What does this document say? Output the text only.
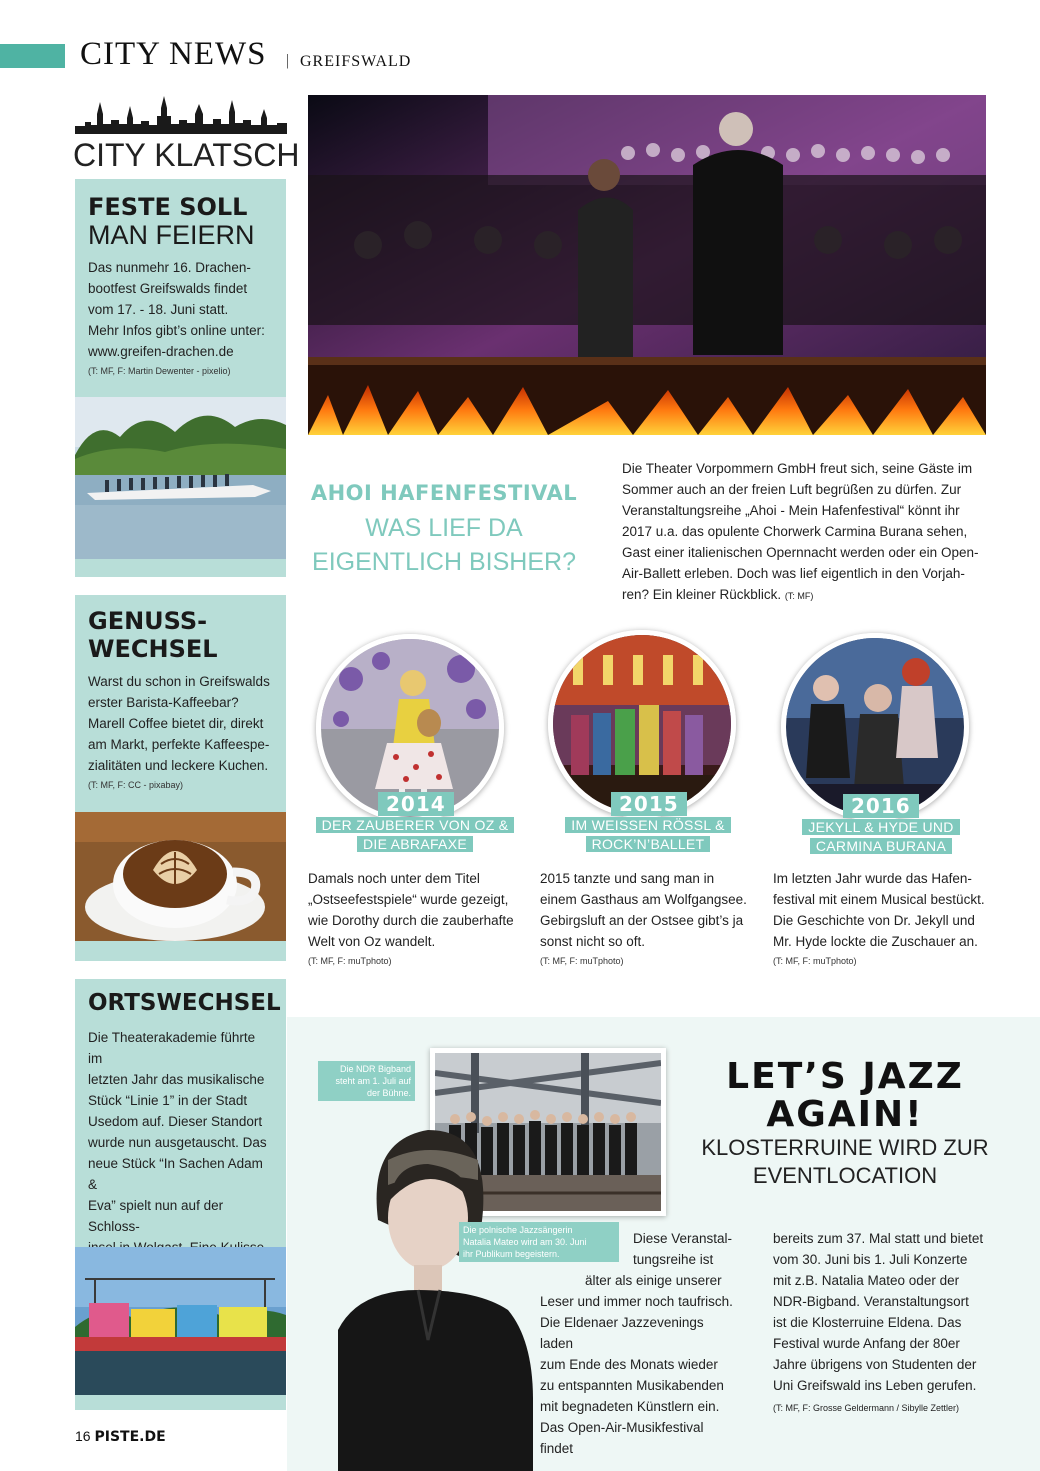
CITY NEWS | GREIFSWALD
CITY KLATSCH
FESTE SOLL
MAN FEIERN

Das nunmehr 16. Drachen-
bootfest Greifswalds findet
vom 17. - 18. Juni statt.
Mehr Infos gibt’s online unter:
www.greifen-drachen.de

(T: MF, F: Martin Dewenter - pixelio)
GENUSS-
WECHSEL

Warst du schon in Greifswalds
erster Barista-Kaffeebar?
Marell Coffee bietet dir, direkt
am Markt, perfekte Kaffeespe-
zialitäten und leckere Kuchen.

(T: MF, F: CC - pixabay)
ORTSWECHSEL

Die Theaterakademie führte im
letzten Jahr das musikalische
Stück “Linie 1” in der Stadt
Usedom auf. Dieser Standort
wurde nun ausgetauscht. Das
neue Stück “In Sachen Adam &
Eva” spielt nun auf der Schloss-

AHOI HAFENFESTIVAL
WAS LIEF DA
EIGENTLICH BISHER?
Die Theater Vorpommern GmbH freut sich, seine Gäste im
Sommer auch an der freien Luft begrüßen zu dürfen. Zur
Veranstaltungsreihe „Ahoi - Mein Hafenfestival“ könnt ihr
2017 u.a. das opulente Chorwerk Carmina Burana sehen,
Gast einer italienischen Opernnacht werden oder ein Open-
Air-Ballett erleben. Doch was lief eigentlich in den Vorjah-
ren? Ein kleiner Rückblick. (T: MF)
2014	2015	2016
DER ZAUBERER VON OZ &
DIE ABRAFAXE
IM WEISSEN RÖSSL &
ROCK’N’BALLET
JEKYLL & HYDE UND
CARMINA BURANA
Damals noch unter dem Titel
„Ostseefestspiele“ wurde gezeigt,
wie Dorothy durch die zauberhafte
Welt von Oz wandelt.
(T: MF, F: muTphoto)
2015 tanzte und sang man in
einem Gasthaus am Wolfgangsee.
Gebirgsluft an der Ostsee gibt’s ja
sonst nicht so oft.
(T: MF, F: muTphoto)
Im letzten Jahr wurde das Hafen-
festival mit einem Musical bestückt.
Die Geschichte von Dr. Jekyll und
Mr. Hyde lockte die Zuschauer an.
(T: MF, F: muTphoto)
Die NDR Bigband
steht am 1. Juli auf
der Bühne.
Die polnische Jazzsängerin
Natalia Mateo wird am 30. Juni
ihr Publikum begeistern.
LET’S JAZZ
AGAIN!
KLOSTERRUINE WIRD ZUR
EVENTLOCATION
Diese Veranstal-
tungsreihe ist
älter als einige unserer
Leser und immer noch taufrisch.
Die Eldenaer Jazzevenings laden
zum Ende des Monats wieder
zu entspannten Musikabenden
mit begnadeten Künstlern ein.
Das Open-Air-Musikfestival findet
bereits zum 37. Mal statt und bietet
vom 30. Juni bis 1. Juli Konzerte
mit z.B. Natalia Mateo oder der
NDR-Bigband. Veranstaltungsort
ist die Klosterruine Eldena. Das
Festival wurde Anfang der 80er
Jahre übrigens von Studenten der
Uni Greifswald ins Leben gerufen.
(T: MF, F: Grosse Geldermann / Sibylle Zettler)
16 PISTE.DE
